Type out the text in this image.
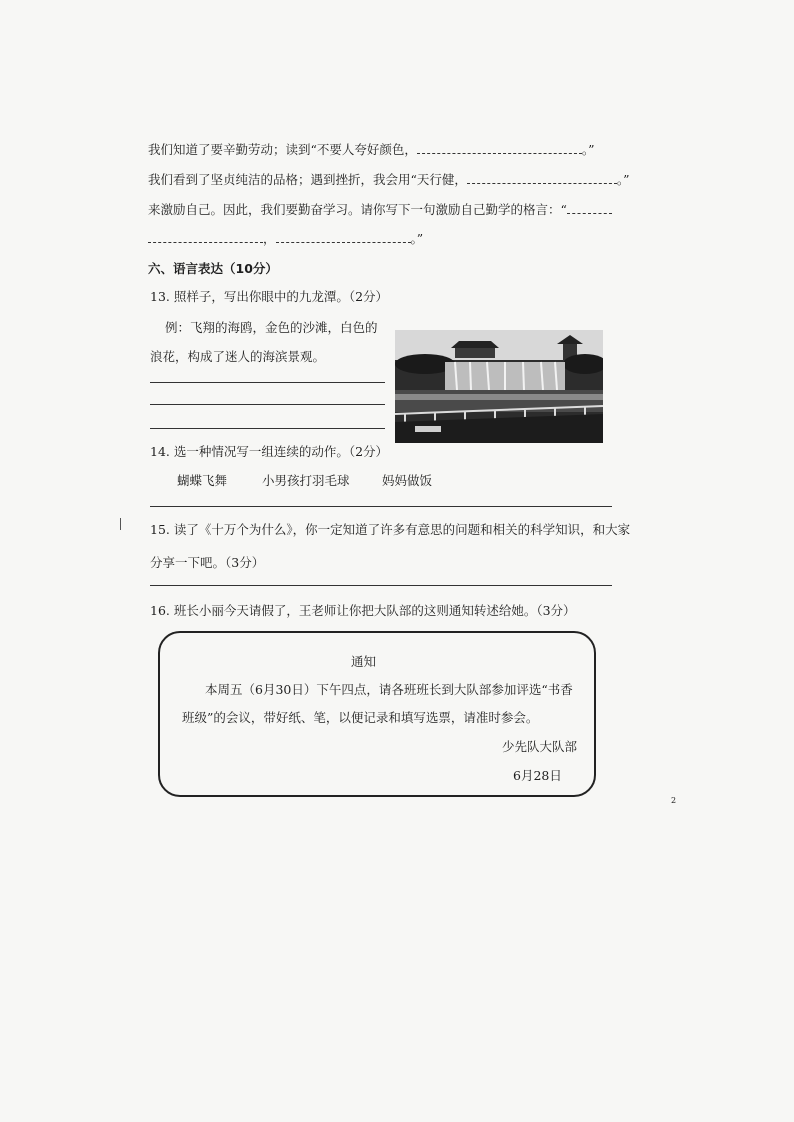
我们知道了要辛勤劳动；读到“不要人夸好颜色，	。”
我们看到了坚贞纯洁的品格；遇到挫折，我会用“天行健，	。”
来激励自己。因此，我们要勤奋学习。请你写下一句激励自己勤学的格言：“
，	。”
六、语言表达（10分）
13. 照样子，写出你眼中的九龙潭。（2分）
例：飞翔的海鸥，金色的沙滩，白色的
浪花，构成了迷人的海滨景观。
14. 选一种情况写一组连续的动作。（2分）
蝴蝶飞舞	小男孩打羽毛球	妈妈做饭
15. 读了《十万个为什么》，你一定知道了许多有意思的问题和相关的科学知识，和大家
分享一下吧。（3分）
16. 班长小丽今天请假了，王老师让你把大队部的这则通知转述给她。（3分）
通知
本周五（6月30日）下午四点，请各班班长到大队部参加评选“书香
班级”的会议，带好纸、笔，以便记录和填写选票，请准时参会。
少先队大队部
6月28日
2
